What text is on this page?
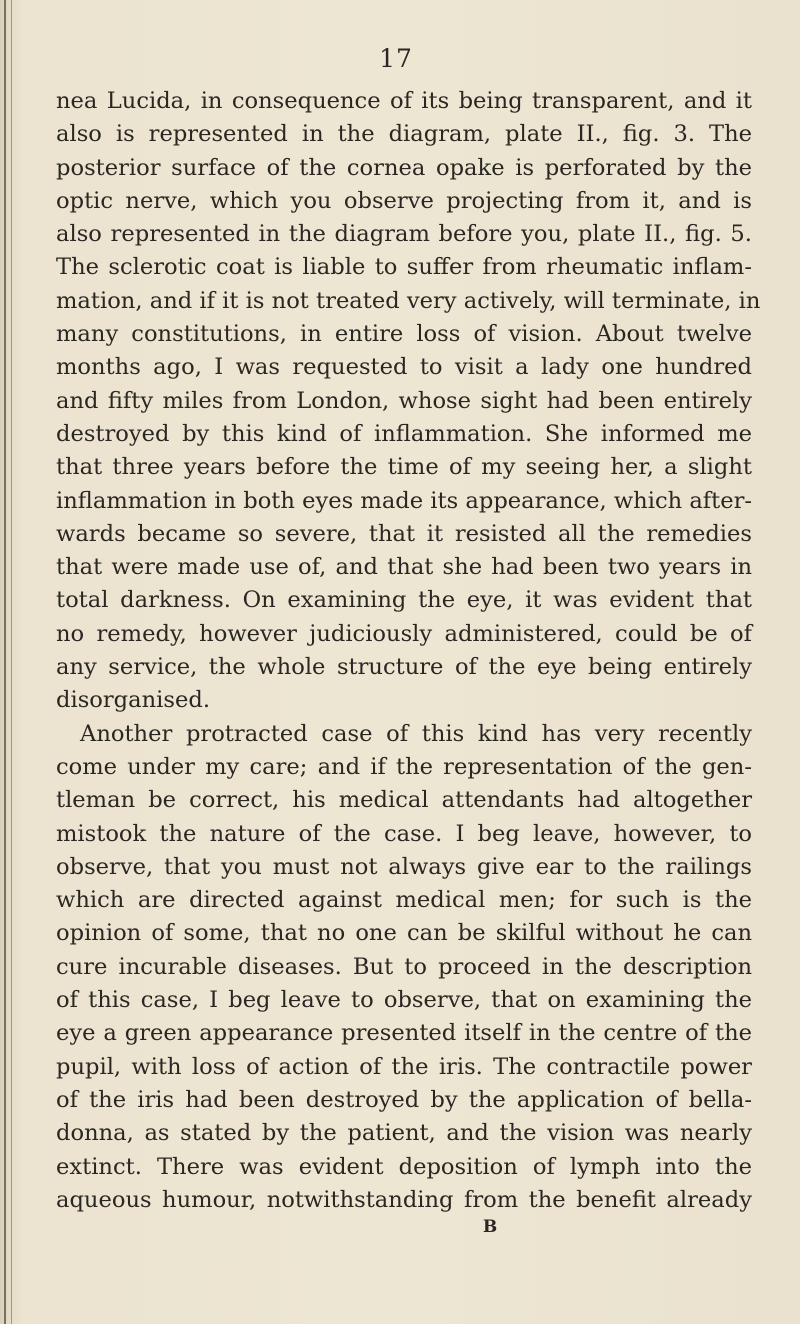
17
nea Lucida, in consequence of its being transparent, and it
also is represented in the diagram, plate II., fig. 3. The
posterior surface of the cornea opake is perforated by the
optic nerve, which you observe projecting from it, and is
also represented in the diagram before you, plate II., fig. 5.
The sclerotic coat is liable to suffer from rheumatic inflam-
mation, and if it is not treated very actively, will terminate, in
many constitutions, in entire loss of vision. About twelve
months ago, I was requested to visit a lady one hundred
and fifty miles from London, whose sight had been entirely
destroyed by this kind of inflammation. She informed me
that three years before the time of my seeing her, a slight
inflammation in both eyes made its appearance, which after-
wards became so severe, that it resisted all the remedies
that were made use of, and that she had been two years in
total darkness. On examining the eye, it was evident that
no remedy, however judiciously administered, could be of
any service, the whole structure of the eye being entirely
disorganised.
Another protracted case of this kind has very recently
come under my care; and if the representation of the gen-
tleman be correct, his medical attendants had altogether
mistook the nature of the case. I beg leave, however, to
observe, that you must not always give ear to the railings
which are directed against medical men; for such is the
opinion of some, that no one can be skilful without he can
cure incurable diseases. But to proceed in the description
of this case, I beg leave to observe, that on examining the
eye a green appearance presented itself in the centre of the
pupil, with loss of action of the iris. The contractile power
of the iris had been destroyed by the application of bella-
donna, as stated by the patient, and the vision was nearly
extinct. There was evident deposition of lymph into the
aqueous humour, notwithstanding from the benefit already
B
